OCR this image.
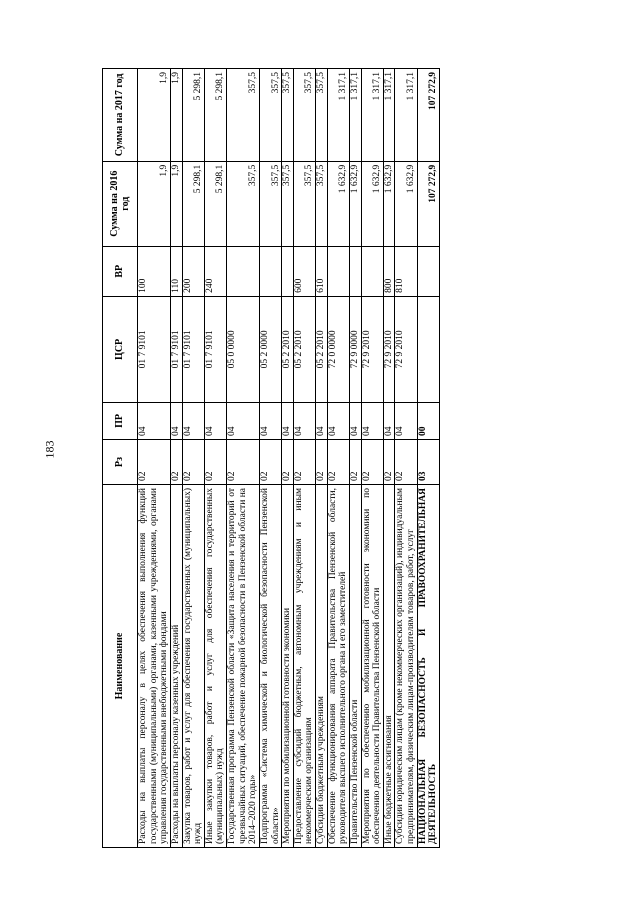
183
Наименование	Рз	ПР	ЦСР	ВР	Сумма на 2016 год	Сумма на 2017 год
Расходы на выплаты персоналу в целях обеспечения выполнения функций государственными (муниципальными) органами, казенными учреждениями, органами управления государственными внебюджетными фондами	02	04	01 7 9101	100	1,9	1,9
Расходы на выплаты персоналу казенных учреждений	02	04	01 7 9101	110	1,9	1,9
Закупка товаров, работ и услуг для обеспечения государственных (муниципальных) нужд	02	04	01 7 9101	200	5 298,1	5 298,1
Иные закупки товаров, работ и услуг для обеспечения государственных (муниципальных) нужд	02	04	01 7 9101	240	5 298,1	5 298,1
Государственная программа Пензенской области «Защита населения и территорий от чрезвычайных ситуаций, обеспечение пожарной безопасности в Пензенской области на 2014–2020 годы»	02	04	05 0 0000		357,5	357,5
Подпрограмма «Система химической и биологической безопасности Пензенской области»	02	04	05 2 0000		357,5	357,5
Мероприятия по мобилизационной готовности экономики	02	04	05 2 2010		357,5	357,5
Предоставление субсидий бюджетным, автономным учреждениям и иным некоммерческим организациям	02	04	05 2 2010	600	357,5	357,5
Субсидии бюджетным учреждениям	02	04	05 2 2010	610	357,5	357,5
Обеспечение функционирования аппарата Правительства Пензенской области, руководителя высшего исполнительного органа и его заместителей	02	04	72 0 0000		1 632,9	1 317,1
Правительство Пензенской области	02	04	72 9 0000		1 632,9	1 317,1
Мероприятия по обеспечению мобилизационной готовности экономики по обеспечению деятельности Правительства Пензенской области	02	04	72 9 2010		1 632,9	1 317,1
Иные бюджетные ассигнования	02	04	72 9 2010	800	1 632,9	1 317,1
Субсидии юридическим лицам (кроме некоммерческих организаций), индивидуальным предпринимателям, физическим лицам-производителям товаров, работ, услуг	02	04	72 9 2010	810	1 632,9	1 317,1
НАЦИОНАЛЬНАЯ БЕЗОПАСНОСТЬ И ПРАВООХРАНИТЕЛЬНАЯ ДЕЯТЕЛЬНОСТЬ	03	00			107 272,9	107 272,9
